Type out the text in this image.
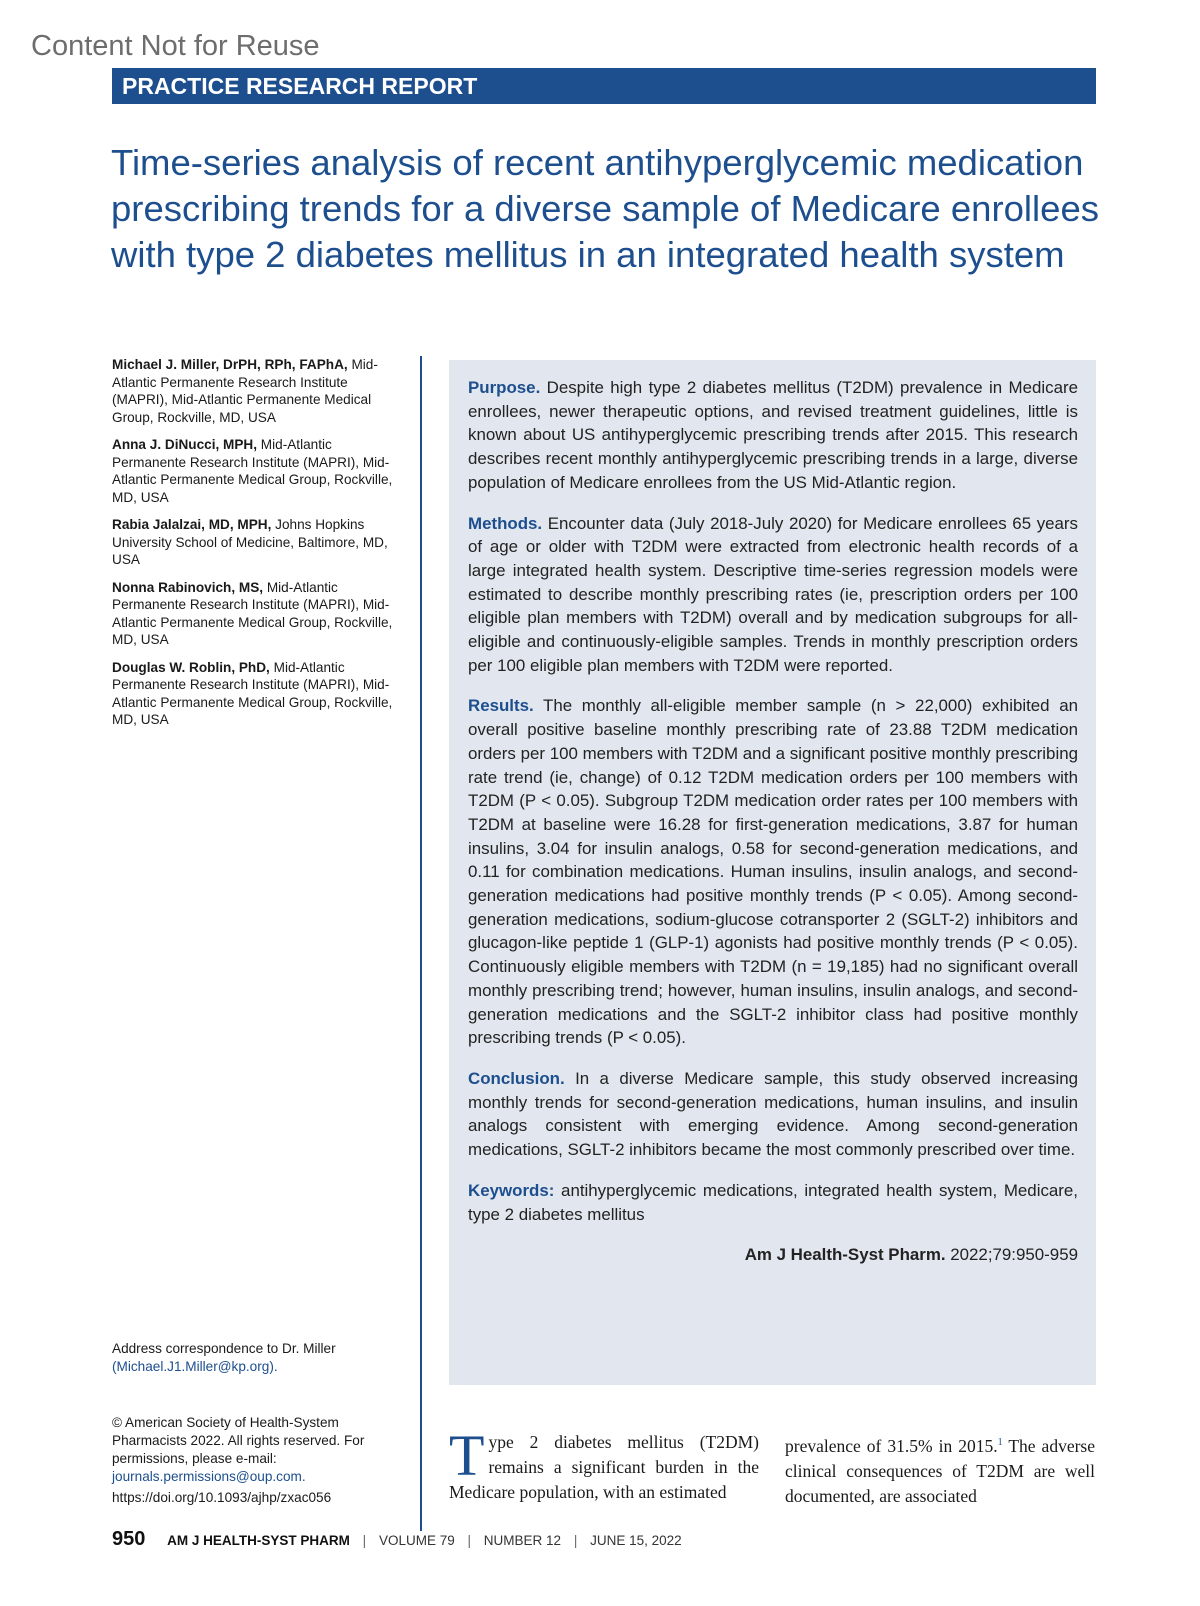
Content Not for Reuse
PRACTICE RESEARCH REPORT
Time-series analysis of recent antihyperglycemic medication prescribing trends for a diverse sample of Medicare enrollees with type 2 diabetes mellitus in an integrated health system

Michael J. Miller, DrPH, RPh, FAPhA, Mid-Atlantic Permanente Research Institute (MAPRI), Mid-Atlantic Permanente Medical Group, Rockville, MD, USA

Anna J. DiNucci, MPH, Mid-Atlantic Permanente Research Institute (MAPRI), Mid-Atlantic Permanente Medical Group, Rockville, MD, USA

Rabia Jalalzai, MD, MPH, Johns Hopkins University School of Medicine, Baltimore, MD, USA

Nonna Rabinovich, MS, Mid-Atlantic Permanente Research Institute (MAPRI), Mid-Atlantic Permanente Medical Group, Rockville, MD, USA

Douglas W. Roblin, PhD, Mid-Atlantic Permanente Research Institute (MAPRI), Mid-Atlantic Permanente Medical Group, Rockville, MD, USA

Address correspondence to Dr. Miller (Michael.J1.Miller@kp.org).
© American Society of Health-System Pharmacists 2022. All rights reserved. For permissions, please e-mail: journals.permissions@oup.com.
https://doi.org/10.1093/ajhp/zxac056

Purpose. Despite high type 2 diabetes mellitus (T2DM) prevalence in Medicare enrollees, newer therapeutic options, and revised treatment guidelines, little is known about US antihyperglycemic prescribing trends after 2015. This research describes recent monthly antihyperglycemic prescribing trends in a large, diverse population of Medicare enrollees from the US Mid-Atlantic region.

Methods. Encounter data (July 2018-July 2020) for Medicare enrollees 65 years of age or older with T2DM were extracted from electronic health records of a large integrated health system. Descriptive time-series regression models were estimated to describe monthly prescribing rates (ie, prescription orders per 100 eligible plan members with T2DM) overall and by medication subgroups for all-eligible and continuously-eligible samples. Trends in monthly prescription orders per 100 eligible plan members with T2DM were reported.

Results. The monthly all-eligible member sample (n > 22,000) exhibited an overall positive baseline monthly prescribing rate of 23.88 T2DM medication orders per 100 members with T2DM and a significant positive monthly prescribing rate trend (ie, change) of 0.12 T2DM medication orders per 100 members with T2DM (P < 0.05). Subgroup T2DM medication order rates per 100 members with T2DM at baseline were 16.28 for first-generation medications, 3.87 for human insulins, 3.04 for insulin analogs, 0.58 for second-generation medications, and 0.11 for combination medications. Human insulins, insulin analogs, and second-generation medications had positive monthly trends (P < 0.05). Among second-generation medications, sodium-glucose cotransporter 2 (SGLT-2) inhibitors and glucagon-like peptide 1 (GLP-1) agonists had positive monthly trends (P < 0.05). Continuously eligible members with T2DM (n = 19,185) had no significant overall monthly prescribing trend; however, human insulins, insulin analogs, and second-generation medications and the SGLT-2 inhibitor class had positive monthly prescribing trends (P < 0.05).

Conclusion. In a diverse Medicare sample, this study observed increasing monthly trends for second-generation medications, human insulins, and insulin analogs consistent with emerging evidence. Among second-generation medications, SGLT-2 inhibitors became the most commonly prescribed over time.

Keywords: antihyperglycemic medications, integrated health system, Medicare, type 2 diabetes mellitus

Am J Health-Syst Pharm. 2022;79:950-959
Type 2 diabetes mellitus (T2DM) remains a significant burden in the Medicare population, with an estimated
prevalence of 31.5% in 2015.$^1$ The adverse clinical consequences of T2DM are well documented, are associated
950 AM J HEALTH-SYST PHARM | VOLUME 79 | NUMBER 12 | JUNE 15, 2022
